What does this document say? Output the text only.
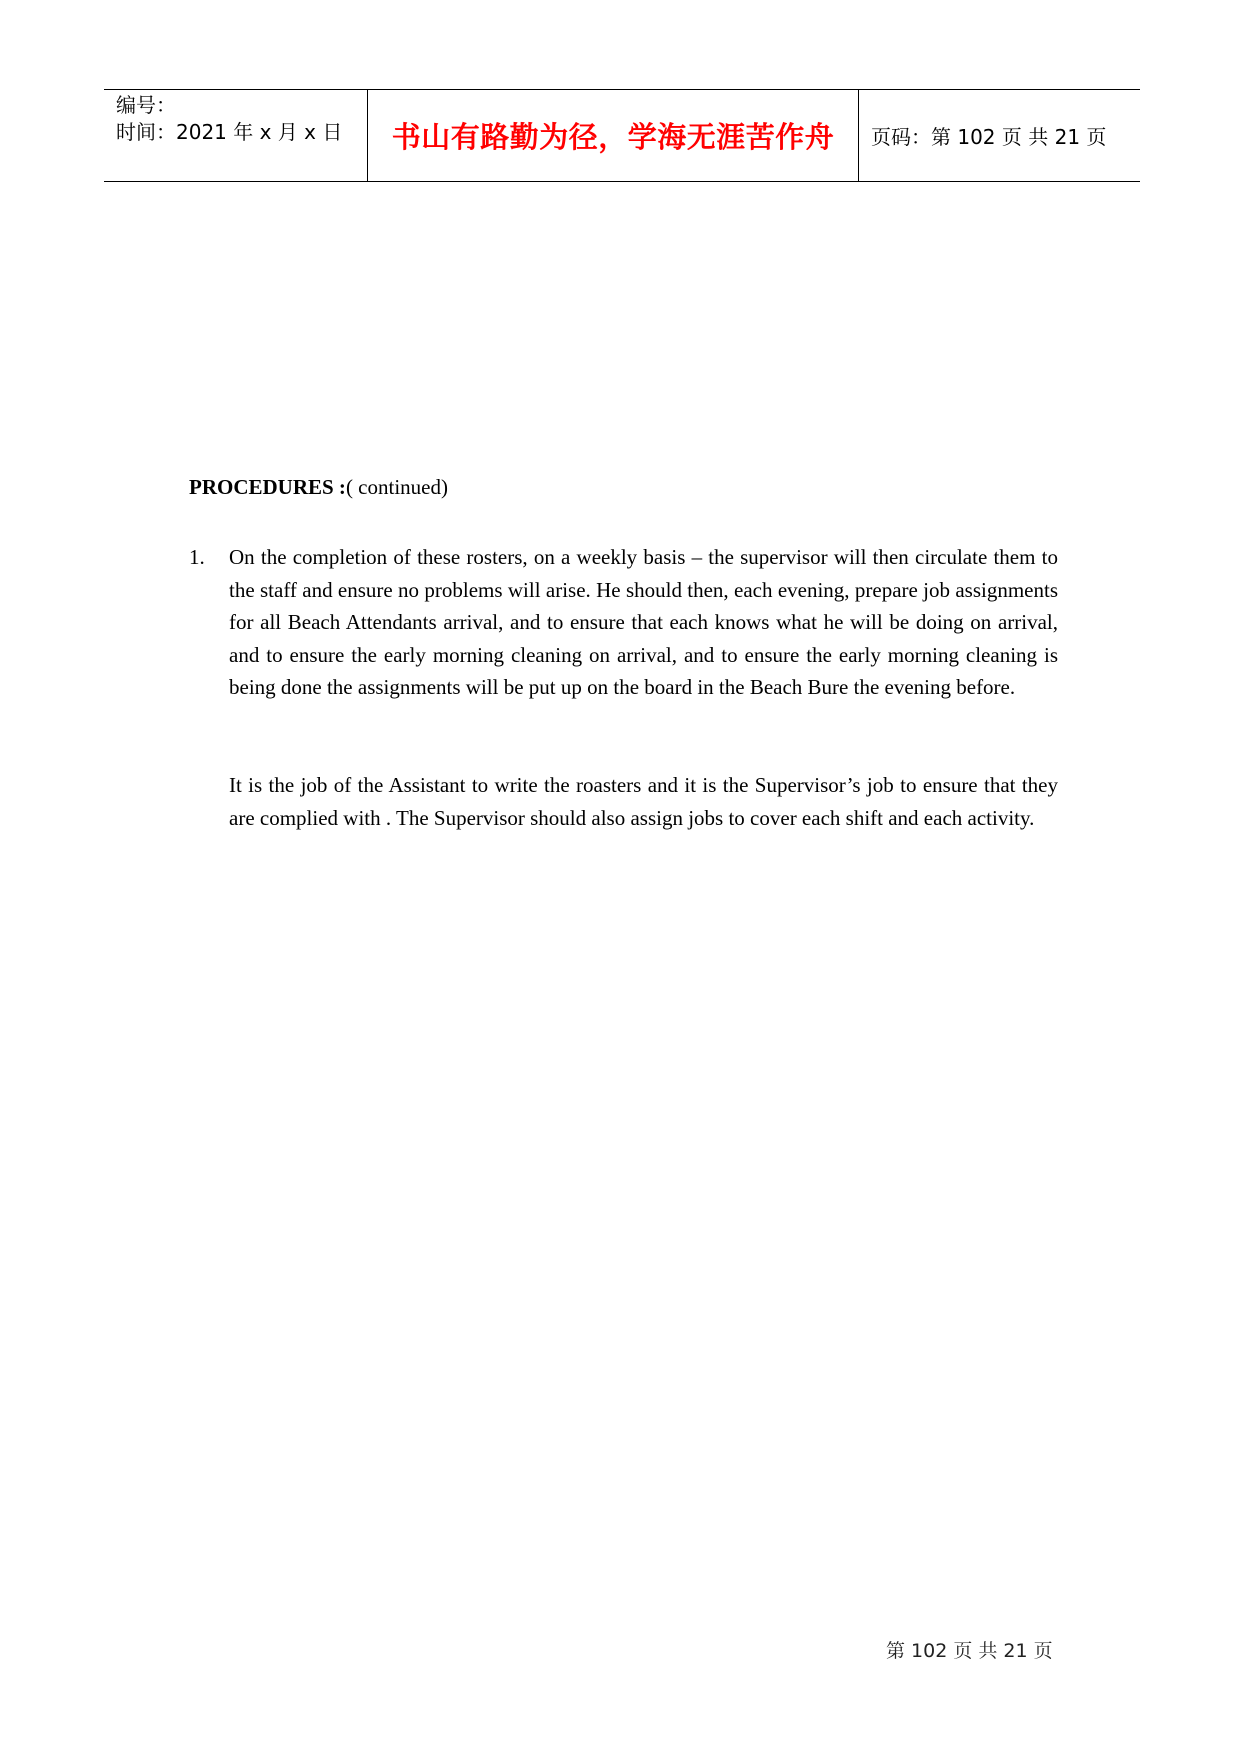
编号：
时间：2021 年 x 月 x 日	书山有路勤为径，学海无涯苦作舟 页码：第 102 页 共 21 页
PROCEDURES :( continued)
1. On the completion of these rosters, on a weekly basis – the supervisor will then circulate them to the staff and ensure no problems will arise. He should then, each evening, prepare job assignments for all Beach Attendants arrival, and to ensure that each knows what he will be doing on arrival, and to ensure the early morning cleaning on arrival, and to ensure the early morning cleaning is being done the assignments will be put up on the board in the Beach Bure the evening before.

It is the job of the Assistant to write the roasters and it is the Supervisor’s job to ensure that they are complied with . The Supervisor should also assign jobs to cover each shift and each activity.

第 102 页 共 21 页
